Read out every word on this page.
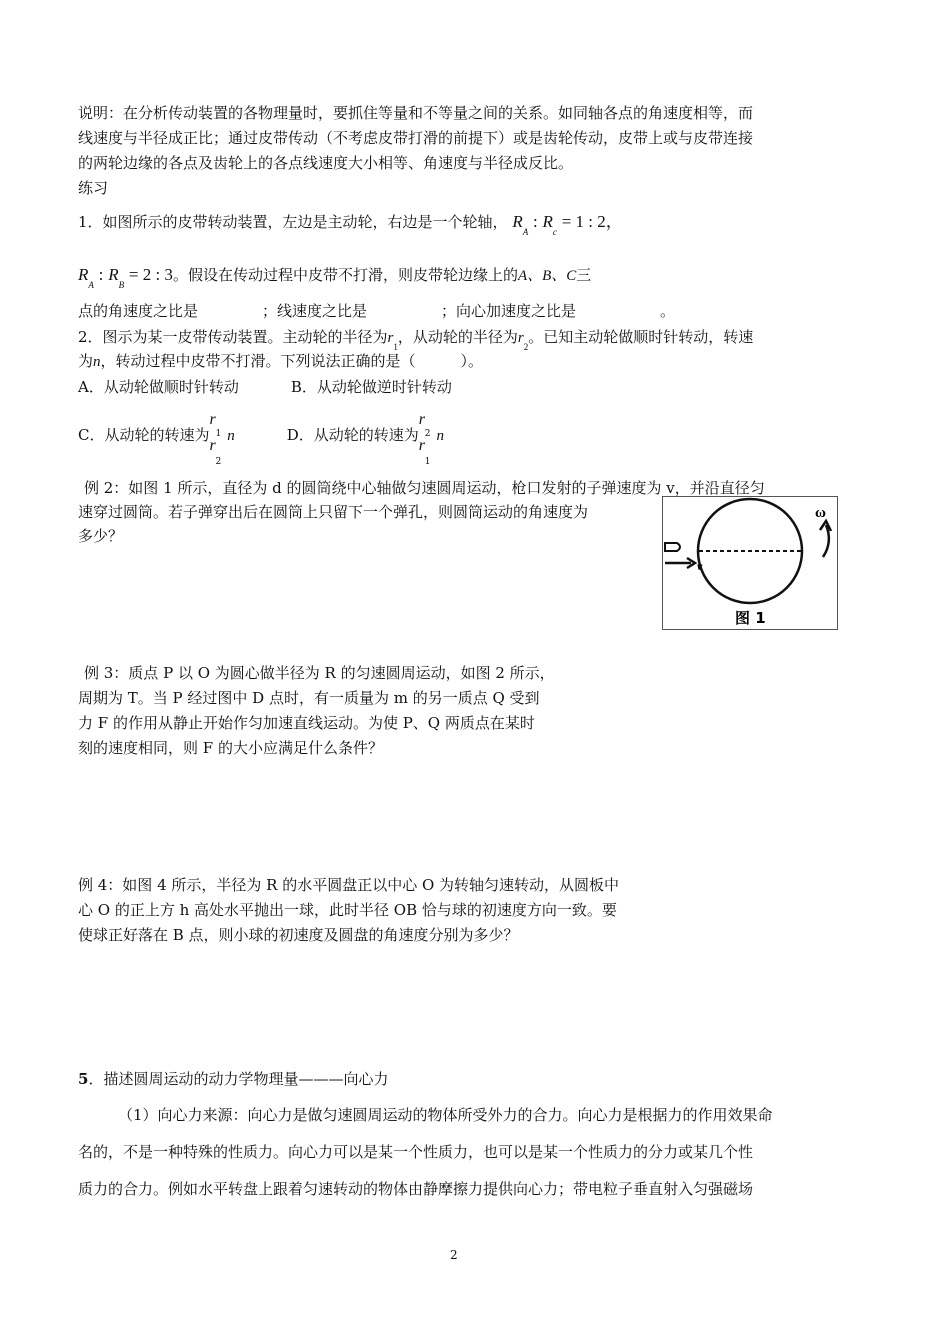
说明：在分析传动装置的各物理量时，要抓住等量和不等量之间的关系。如同轴各点的角速度相等，而
线速度与半径成正比；通过皮带传动（不考虑皮带打滑的前提下）或是齿轮传动，皮带上或与皮带连接
的两轮边缘的各点及齿轮上的各点线速度大小相等、角速度与半径成反比。
练习
1．如图所示的皮带转动装置，左边是主动轮，右边是一个轮轴， $R_A$ : $R_c = 1$ : 2，
$R_A$ : $R_B = 2$ : 3。假设在传动过程中皮带不打滑，则皮带轮边缘上的A、B、C三
点的角速度之比是	；线速度之比是	；向心加速度之比是	。
2．图示为某一皮带传动装置。主动轮的半径为$r_1$，从动轮的半径为$r_2$。已知主动轮做顺时针转动，转速
为n，转动过程中皮带不打滑。下列说法正确的是（　　　）。
A．从动轮做顺时针转动	B．从动轮做逆时针转动
C．从动轮的转速为
r
1
r
2
n	D．从动轮的转速为
r
2
r
1
n
例 2：如图 1 所示，直径为 d 的圆筒绕中心轴做匀速圆周运动，枪口发射的子弹速度为 v，并沿直径匀
速穿过圆筒。若子弹穿出后在圆筒上只留下一个弹孔，则圆筒运动的角速度为
多少？
v
ω
图 1
例 3：质点 P 以 O 为圆心做半径为 R 的匀速圆周运动，如图 2 所示，
周期为 T。当 P 经过图中 D 点时，有一质量为 m 的另一质点 Q 受到
力 F 的作用从静止开始作匀加速直线运动。为使 P、Q 两质点在某时
刻的速度相同，则 F 的大小应满足什么条件？
例 4：如图 4 所示，半径为 R 的水平圆盘正以中心 O 为转轴匀速转动，从圆板中
心 O 的正上方 h 高处水平抛出一球，此时半径 OB 恰与球的初速度方向一致。要
使球正好落在 B 点，则小球的初速度及圆盘的角速度分别为多少？
5．描述圆周运动的动力学物理量———向心力
（1）向心力来源：向心力是做匀速圆周运动的物体所受外力的合力。向心力是根据力的作用效果命
名的，不是一种特殊的性质力。向心力可以是某一个性质力，也可以是某一个性质力的分力或某几个性
质力的合力。例如水平转盘上跟着匀速转动的物体由静摩擦力提供向心力；带电粒子垂直射入匀强磁场
2
